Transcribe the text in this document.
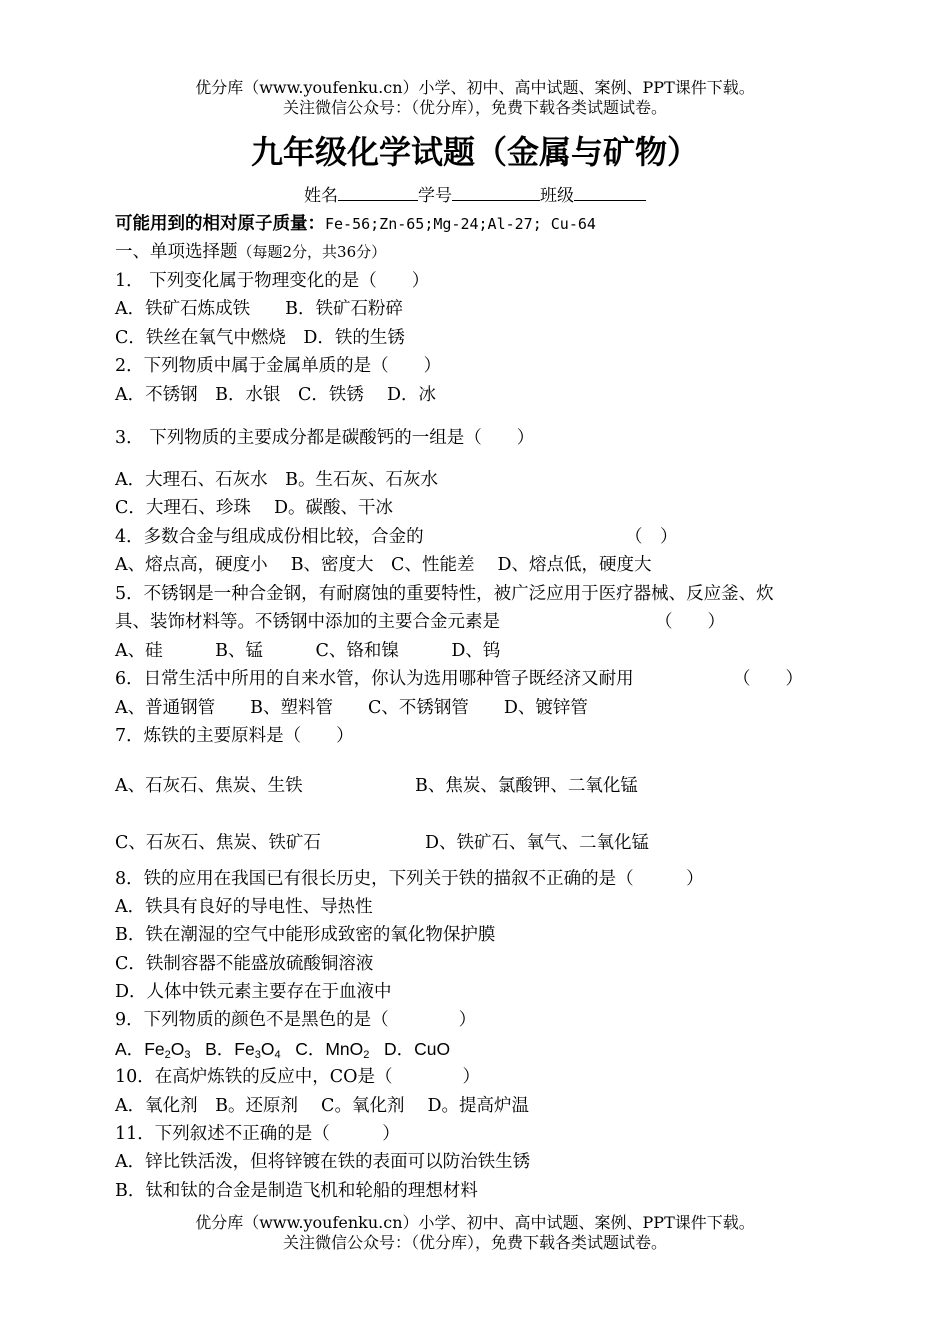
优分库（www.youfenku.cn）小学、初中、高中试题、案例、PPT课件下载。
关注微信公众号：（优分库），免费下载各类试题试卷。
九年级化学试题（金属与矿物）
姓名	学号	班级
可能用到的相对原子质量：Fe-56;Zn-65;Mg-24;Al-27; Cu-64
一、单项选择题（每题2分，共36分）
1． 下列变化属于物理变化的是（　　）
A．铁矿石炼成铁　　B．铁矿石粉碎
C．铁丝在氧气中燃烧　D．铁的生锈
2．下列物质中属于金属单质的是（　　）
A．不锈钢　B．水银　C．铁锈　 D．冰
3． 下列物质的主要成分都是碳酸钙的一组是（　　）
A．大理石、石灰水　B。生石灰、石灰水
C．大理石、珍珠　 D。碳酸、干冰
4．多数合金与组成成份相比较，合金的	（　）
A、熔点高，硬度小　 B、密度大　C、性能差　 D、熔点低，硬度大
5．不锈钢是一种合金钢，有耐腐蚀的重要特性，被广泛应用于医疗器械、反应釜、炊
具、装饰材料等。不锈钢中添加的主要合金元素是	（　　）
A、硅　　　B、锰　　　C、铬和镍　　　D、钨
6．日常生活中所用的自来水管，你认为选用哪种管子既经济又耐用	（　　）
A、普通钢管　　B、塑料管　　C、不锈钢管　　D、镀锌管
7．炼铁的主要原料是（　　）
A、石灰石、焦炭、生铁	B、焦炭、氯酸钾、二氧化锰
C、石灰石、焦炭、铁矿石	D、铁矿石、氧气、二氧化锰
8．铁的应用在我国已有很长历史，下列关于铁的描叙不正确的是（　　　）
A．铁具有良好的导电性、导热性
B．铁在潮湿的空气中能形成致密的氧化物保护膜
C．铁制容器不能盛放硫酸铜溶液
D．人体中铁元素主要存在于血液中
9．下列物质的颜色不是黑色的是（　　　　）
A．$Fe_2O_3$ B．$Fe_3O_4$ C．MnO$_2$ D．CuO
10．在高炉炼铁的反应中，CO是（　　　　）
A．氧化剂　B。还原剂　 C。氧化剂　 D。提高炉温
11．下列叙述不正确的是（　　　）
A．锌比铁活泼，但将锌镀在铁的表面可以防治铁生锈
B．钛和钛的合金是制造飞机和轮船的理想材料
优分库（www.youfenku.cn）小学、初中、高中试题、案例、PPT课件下载。
关注微信公众号：（优分库），免费下载各类试题试卷。
